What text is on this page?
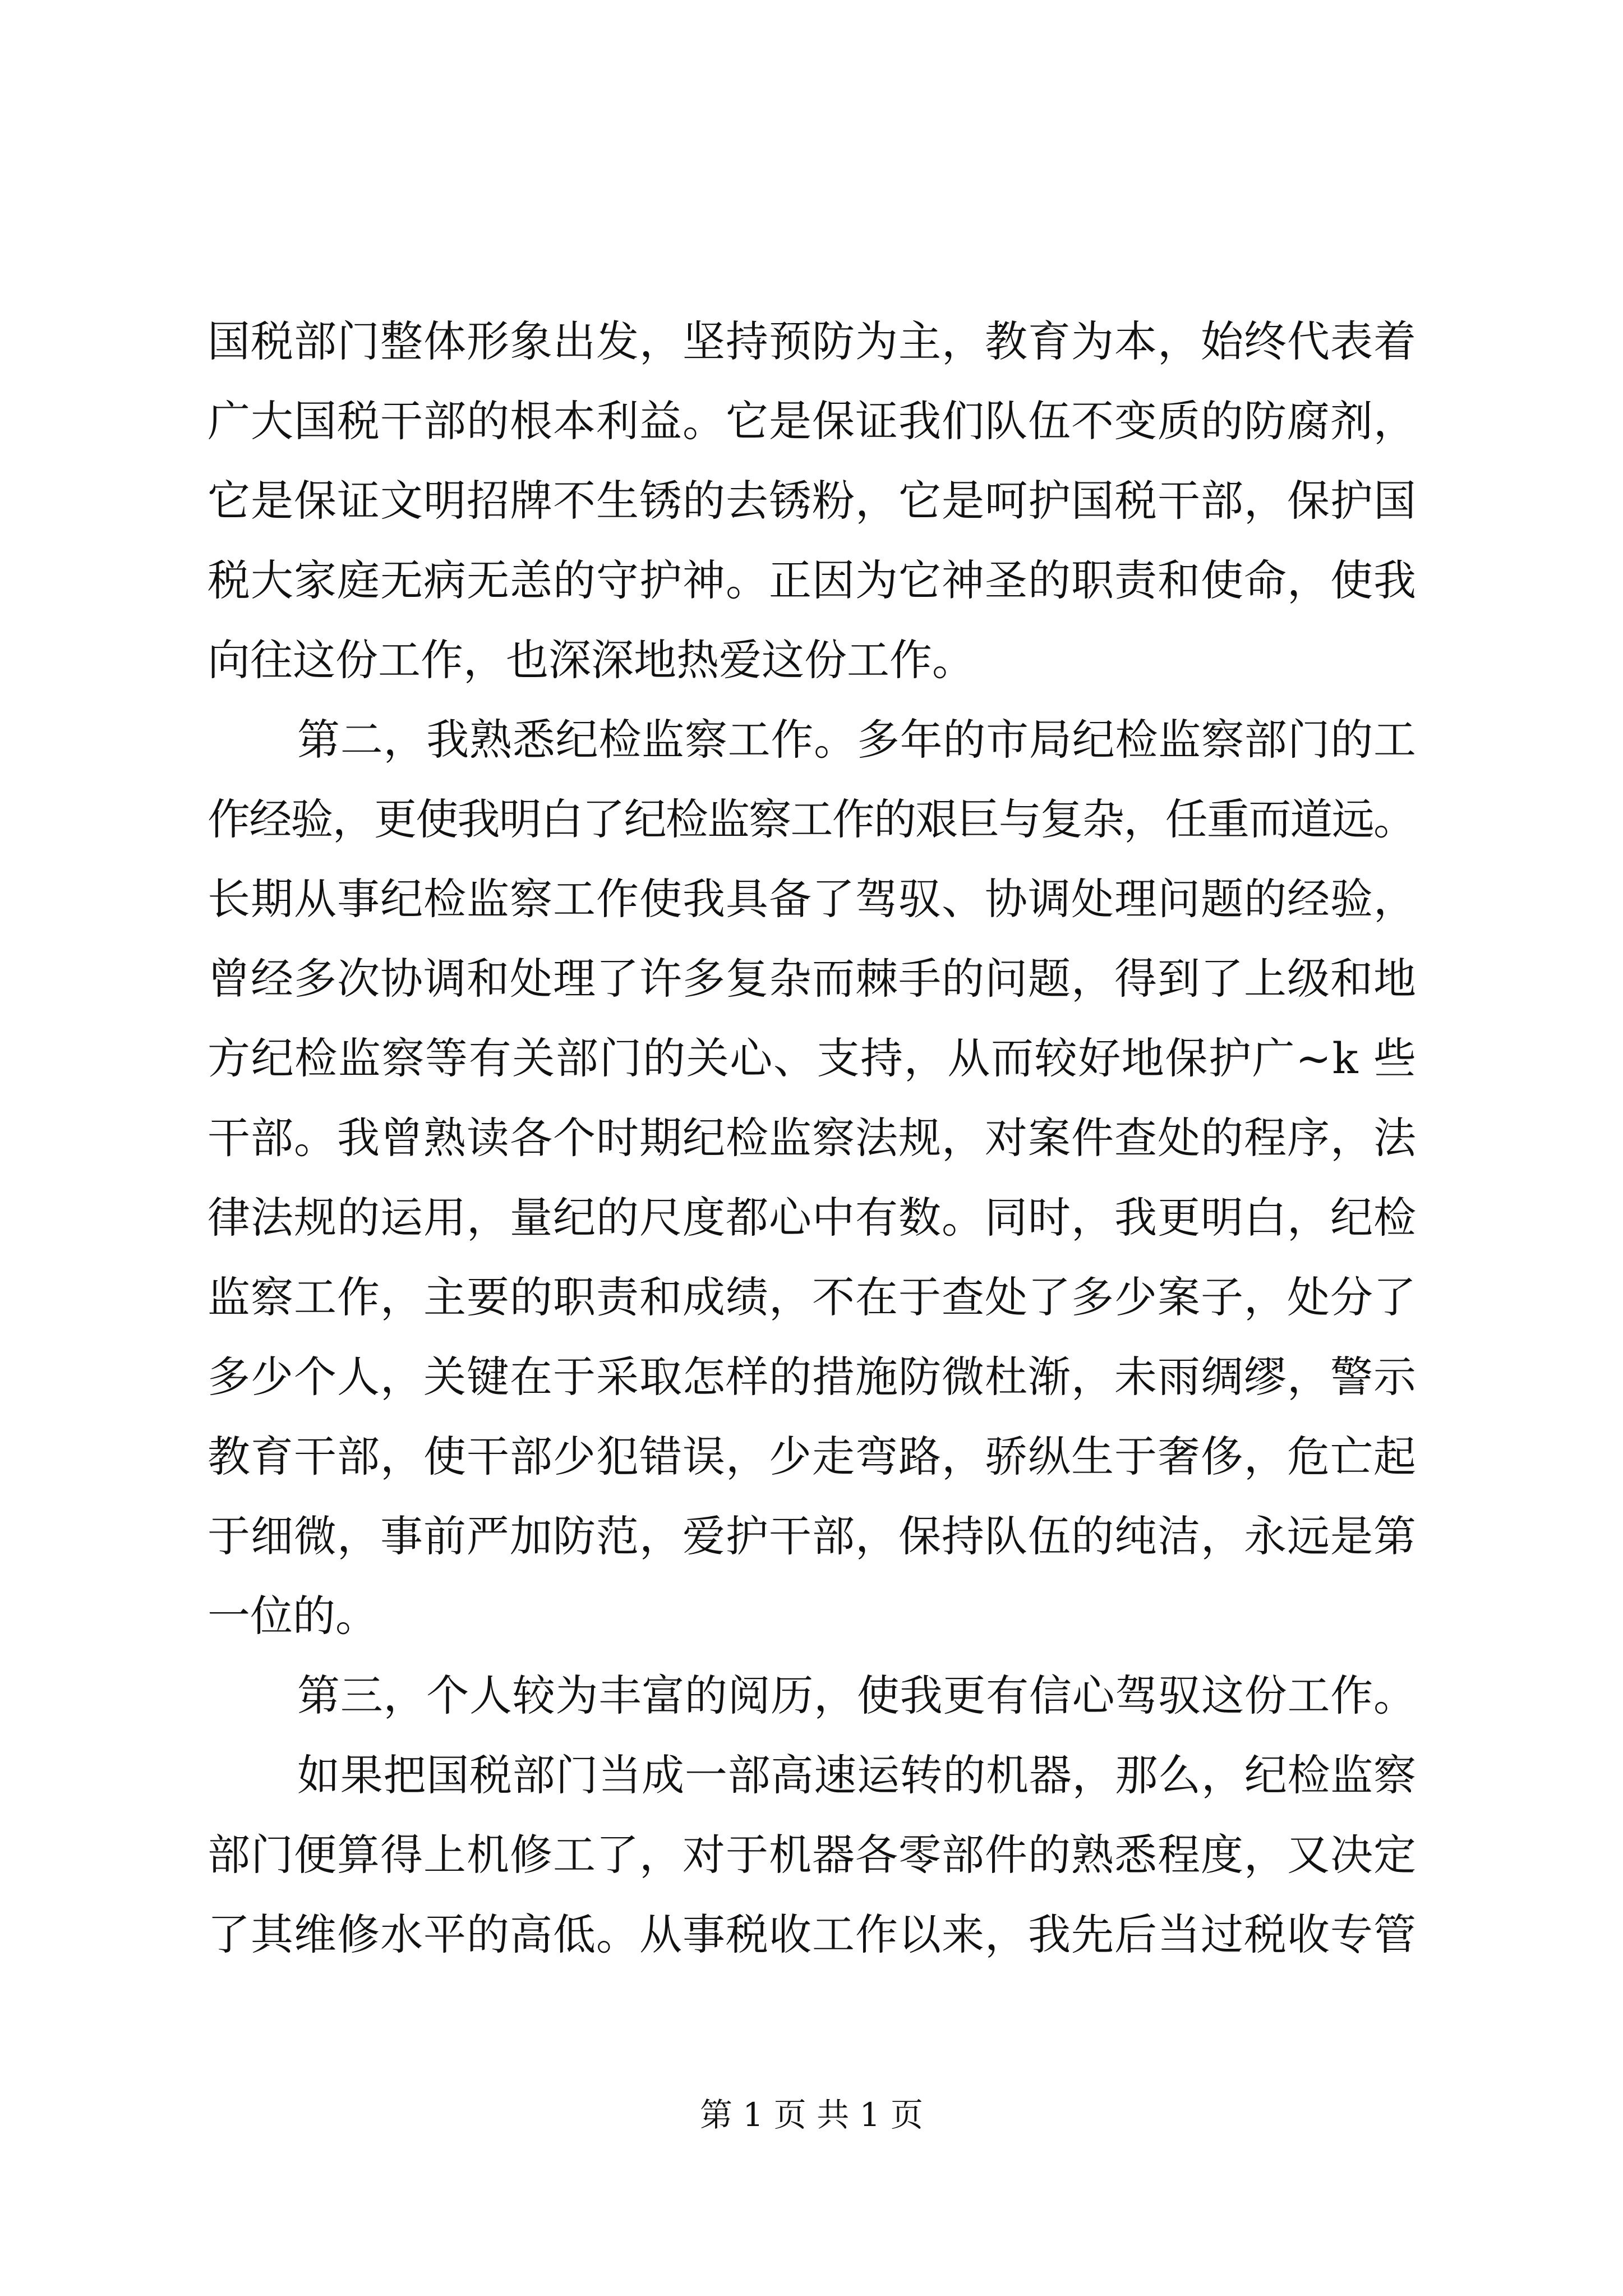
国税部门整体形象出发，坚持预防为主，教育为本，始终代表着
广大国税干部的根本利益。它是保证我们队伍不变质的防腐剂，
它是保证文明招牌不生锈的去锈粉，它是呵护国税干部，保护国
税大家庭无病无恙的守护神。正因为它神圣的职责和使命，使我
向往这份工作，也深深地热爱这份工作。
第二，我熟悉纪检监察工作。多年的市局纪检监察部门的工
作经验，更使我明白了纪检监察工作的艰巨与复杂，任重而道远。
长期从事纪检监察工作使我具备了驾驭、协调处理问题的经验，
曾经多次协调和处理了许多复杂而棘手的问题，得到了上级和地
方纪检监察等有关部门的关心、支持，从而较好地保护广~k 些
干部。我曾熟读各个时期纪检监察法规，对案件查处的程序，法
律法规的运用，量纪的尺度都心中有数。同时，我更明白，纪检
监察工作，主要的职责和成绩，不在于查处了多少案子，处分了
多少个人，关键在于采取怎样的措施防微杜渐，未雨绸缪，警示
教育干部，使干部少犯错误，少走弯路，骄纵生于奢侈，危亡起
于细微，事前严加防范，爱护干部，保持队伍的纯洁，永远是第
一位的。
第三，个人较为丰富的阅历，使我更有信心驾驭这份工作。
如果把国税部门当成一部高速运转的机器，那么，纪检监察
部门便算得上机修工了，对于机器各零部件的熟悉程度，又决定
了其维修水平的高低。从事税收工作以来，我先后当过税收专管
第 1 页 共 1 页
